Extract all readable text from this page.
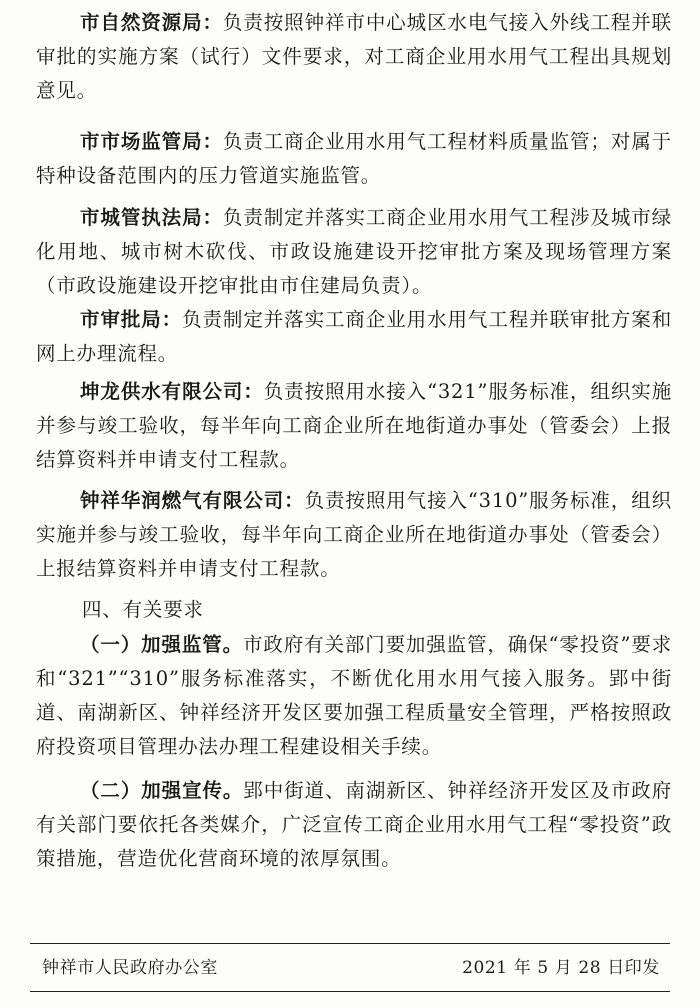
市自然资源局：负责按照钟祥市中心城区水电气接入外线工程并联审批的实施方案（试行）文件要求，对工商企业用水用气工程出具规划意见。

市市场监管局：负责工商企业用水用气工程材料质量监管；对属于特种设备范围内的压力管道实施监管。

市城管执法局：负责制定并落实工商企业用水用气工程涉及城市绿化用地、城市树木砍伐、市政设施建设开挖审批方案及现场管理方案（市政设施建设开挖审批由市住建局负责）。

市审批局：负责制定并落实工商企业用水用气工程并联审批方案和网上办理流程。

坤龙供水有限公司：负责按照用水接入“321”服务标准，组织实施并参与竣工验收，每半年向工商企业所在地街道办事处（管委会）上报结算资料并申请支付工程款。

钟祥华润燃气有限公司：负责按照用气接入“310”服务标准，组织实施并参与竣工验收，每半年向工商企业所在地街道办事处（管委会）上报结算资料并申请支付工程款。

四、有关要求

（一）加强监管。市政府有关部门要加强监管，确保“零投资”要求和“321”“310”服务标准落实，不断优化用水用气接入服务。郢中街道、南湖新区、钟祥经济开发区要加强工程质量安全管理，严格按照政府投资项目管理办法办理工程建设相关手续。

（二）加强宣传。郢中街道、南湖新区、钟祥经济开发区及市政府有关部门要依托各类媒介，广泛宣传工商企业用水用气工程“零投资”政策措施，营造优化营商环境的浓厚氛围。

钟祥市人民政府办公室	2021 年 5 月 28 日印发
